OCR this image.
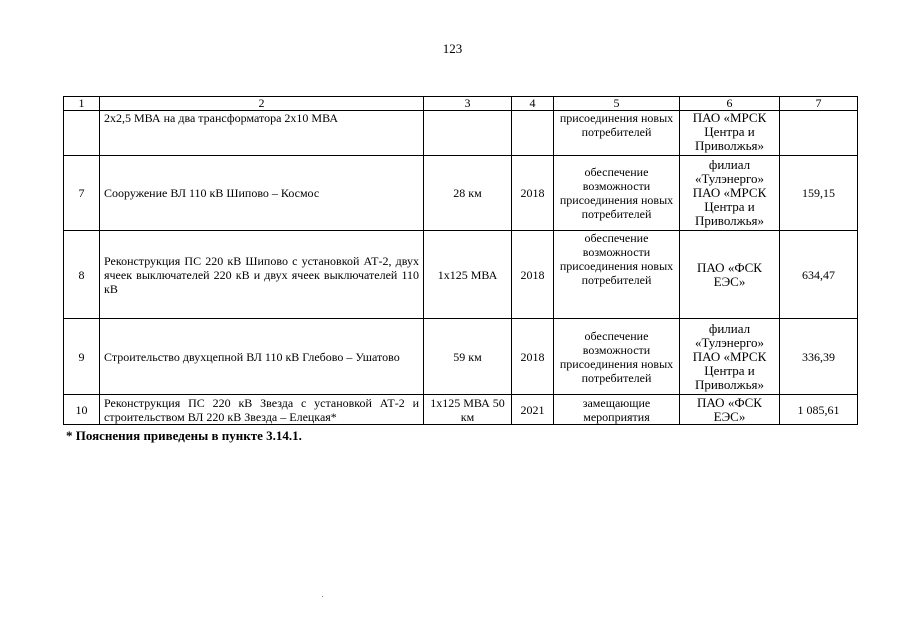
123
1	2	3	4	5	6	7
	2х2,5 МВА на два трансформатора 2х10 МВА			присоединения новых потребителей	ПАО «МРСК Центра и Приволжья»	
7	Сооружение ВЛ 110 кВ Шипово – Космос	28 км	2018	обеспечение возможности присоединения новых потребителей	филиал «Тулэнерго» ПАО «МРСК Центра и Приволжья»	159,15
8	Реконструкция ПС 220 кВ Шипово с установкой АТ-2, двух ячеек выключателей 220 кВ и двух ячеек выключателей 110 кВ	1х125 МВА	2018	обеспечение возможности присоединения новых потребителей	ПАО «ФСК ЕЭС»	634,47
9	Строительство двухцепной ВЛ 110 кВ Глебово – Ушатово	59 км	2018	обеспечение возможности присоединения новых потребителей	филиал «Тулэнерго» ПАО «МРСК Центра и Приволжья»	336,39
10	Реконструкция ПС 220 кВ Звезда с установкой АТ-2 и строительством ВЛ 220 кВ Звезда – Елецкая*	1х125 МВА 50 км	2021	замещающие мероприятия	ПАО «ФСК ЕЭС»	1 085,61
* Пояснения приведены в пункте 3.14.1.
